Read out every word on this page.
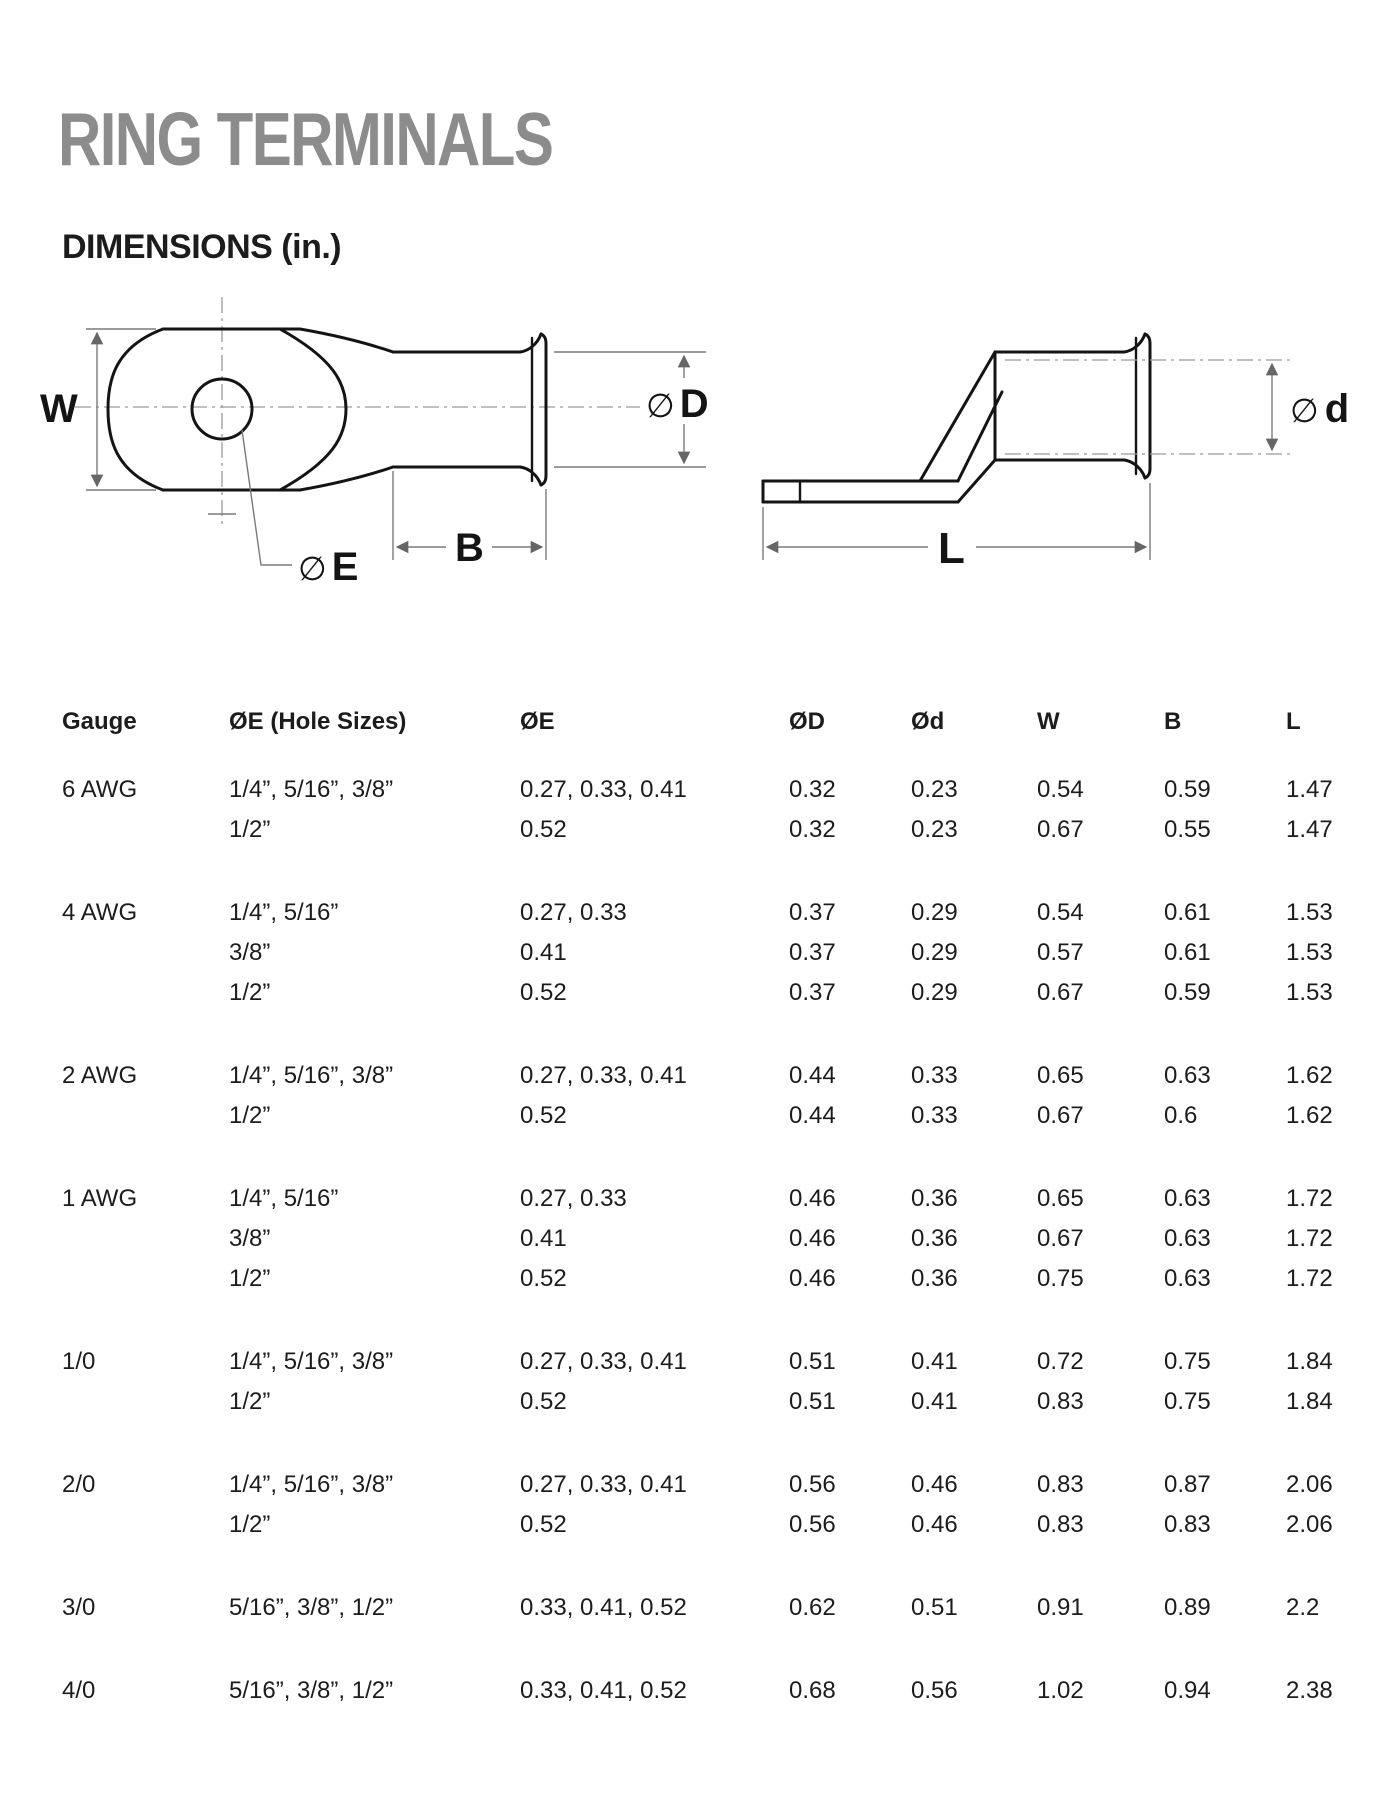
RING TERMINALS
DIMENSIONS (in.)
W	∅ D
B
∅ E
∅ d
L
Gauge	ØE (Hole Sizes)	ØE	ØD	Ød	W	B	L
6 AWG	1/4”, 5/16”, 3/8”	0.27, 0.33, 0.41	0.32	0.23	0.54	0.59	1.47
1/2”	0.52	0.32	0.23	0.67	0.55	1.47
4 AWG	1/4”, 5/16”	0.27, 0.33	0.37	0.29	0.54	0.61	1.53
3/8”	0.41	0.37	0.29	0.57	0.61	1.53
1/2”	0.52	0.37	0.29	0.67	0.59	1.53
2 AWG	1/4”, 5/16”, 3/8”	0.27, 0.33, 0.41	0.44	0.33	0.65	0.63	1.62
1/2”	0.52	0.44	0.33	0.67	0.6	1.62
1 AWG	1/4”, 5/16”	0.27, 0.33	0.46	0.36	0.65	0.63	1.72
3/8”	0.41	0.46	0.36	0.67	0.63	1.72
1/2”	0.52	0.46	0.36	0.75	0.63	1.72
1/0	1/4”, 5/16”, 3/8”	0.27, 0.33, 0.41	0.51	0.41	0.72	0.75	1.84
1/2”	0.52	0.51	0.41	0.83	0.75	1.84
2/0	1/4”, 5/16”, 3/8”	0.27, 0.33, 0.41	0.56	0.46	0.83	0.87	2.06
1/2”	0.52	0.56	0.46	0.83	0.83	2.06
3/0	5/16”, 3/8”, 1/2”	0.33, 0.41, 0.52	0.62	0.51	0.91	0.89	2.2
4/0	5/16”, 3/8”, 1/2”	0.33, 0.41, 0.52	0.68	0.56	1.02	0.94	2.38
